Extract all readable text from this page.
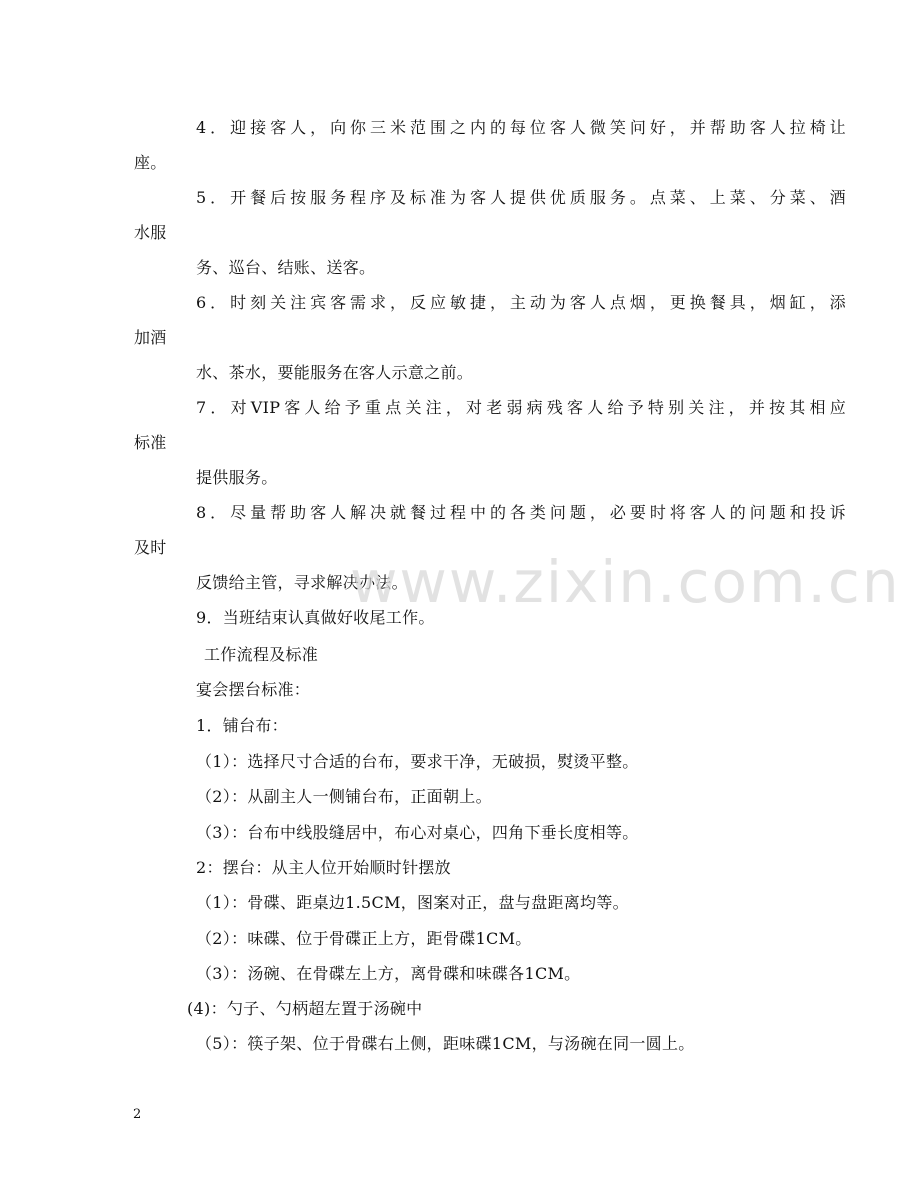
4．迎接客人，向你三米范围之内的每位客人微笑问好，并帮助客人拉椅让
座。
5．开餐后按服务程序及标准为客人提供优质服务。点菜、上菜、分菜、酒
水服
务、巡台、结账、送客。
6．时刻关注宾客需求，反应敏捷，主动为客人点烟，更换餐具，烟缸，添
加酒
水、茶水，要能服务在客人示意之前。
7．对VIP客人给予重点关注，对老弱病残客人给予特别关注，并按其相应
标准
提供服务。
8．尽量帮助客人解决就餐过程中的各类问题，必要时将客人的问题和投诉
及时
反馈给主管，寻求解决办法。
9．当班结束认真做好收尾工作。
工作流程及标准
宴会摆台标准：
1．铺台布：
（1）：选择尺寸合适的台布，要求干净，无破损，熨烫平整。
（2）：从副主人一侧铺台布，正面朝上。
（3）：台布中线股缝居中，布心对桌心，四角下垂长度相等。
2：摆台：从主人位开始顺时针摆放
（1）：骨碟、距桌边1.5CM，图案对正，盘与盘距离均等。
（2）：味碟、位于骨碟正上方，距骨碟1CM。
（3）：汤碗、在骨碟左上方，离骨碟和味碟各1CM。
(4)：勺子、勺柄超左置于汤碗中
（5）：筷子架、位于骨碟右上侧，距味碟1CM，与汤碗在同一圆上。
www.zixin.com.cn
2
